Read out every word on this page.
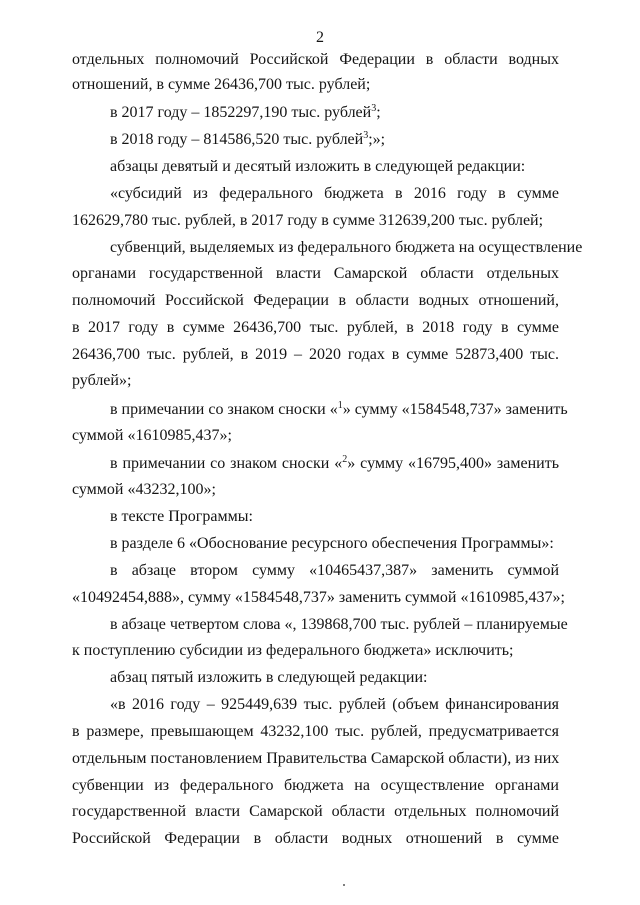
2
отдельных полномочий Российской Федерации в области водных
отношений, в сумме 26436,700 тыс. рублей;
в 2017 году – 1852297,190 тыс. рублей$^3$;
в 2018 году – 814586,520 тыс. рублей$^3$;»;
абзацы девятый и десятый изложить в следующей редакции:
«субсидий из федерального бюджета в 2016 году в сумме
162629,780 тыс. рублей, в 2017 году в сумме 312639,200 тыс. рублей;
субвенций, выделяемых из федерального бюджета на осуществление
органами государственной власти Самарской области отдельных
полномочий Российской Федерации в области водных отношений,
в 2017 году в сумме 26436,700 тыс. рублей, в 2018 году в сумме
26436,700 тыс. рублей, в 2019 – 2020 годах в сумме 52873,400 тыс.
рублей»;
в примечании со знаком сноски «$^1$» сумму «1584548,737» заменить
суммой «1610985,437»;
в примечании со знаком сноски «$^2$» сумму «16795,400» заменить
суммой «43232,100»;
в тексте Программы:
в разделе 6 «Обоснование ресурсного обеспечения Программы»:
в абзаце втором сумму «10465437,387» заменить суммой
«10492454,888», сумму «1584548,737» заменить суммой «1610985,437»;
в абзаце четвертом слова «, 139868,700 тыс. рублей – планируемые
к поступлению субсидии из федерального бюджета» исключить;
абзац пятый изложить в следующей редакции:
«в 2016 году – 925449,639 тыс. рублей (объем финансирования
в размере, превышающем 43232,100 тыс. рублей, предусматривается
отдельным постановлением Правительства Самарской области), из них
субвенции из федерального бюджета на осуществление органами
государственной власти Самарской области отдельных полномочий
Российской Федерации в области водных отношений в сумме
